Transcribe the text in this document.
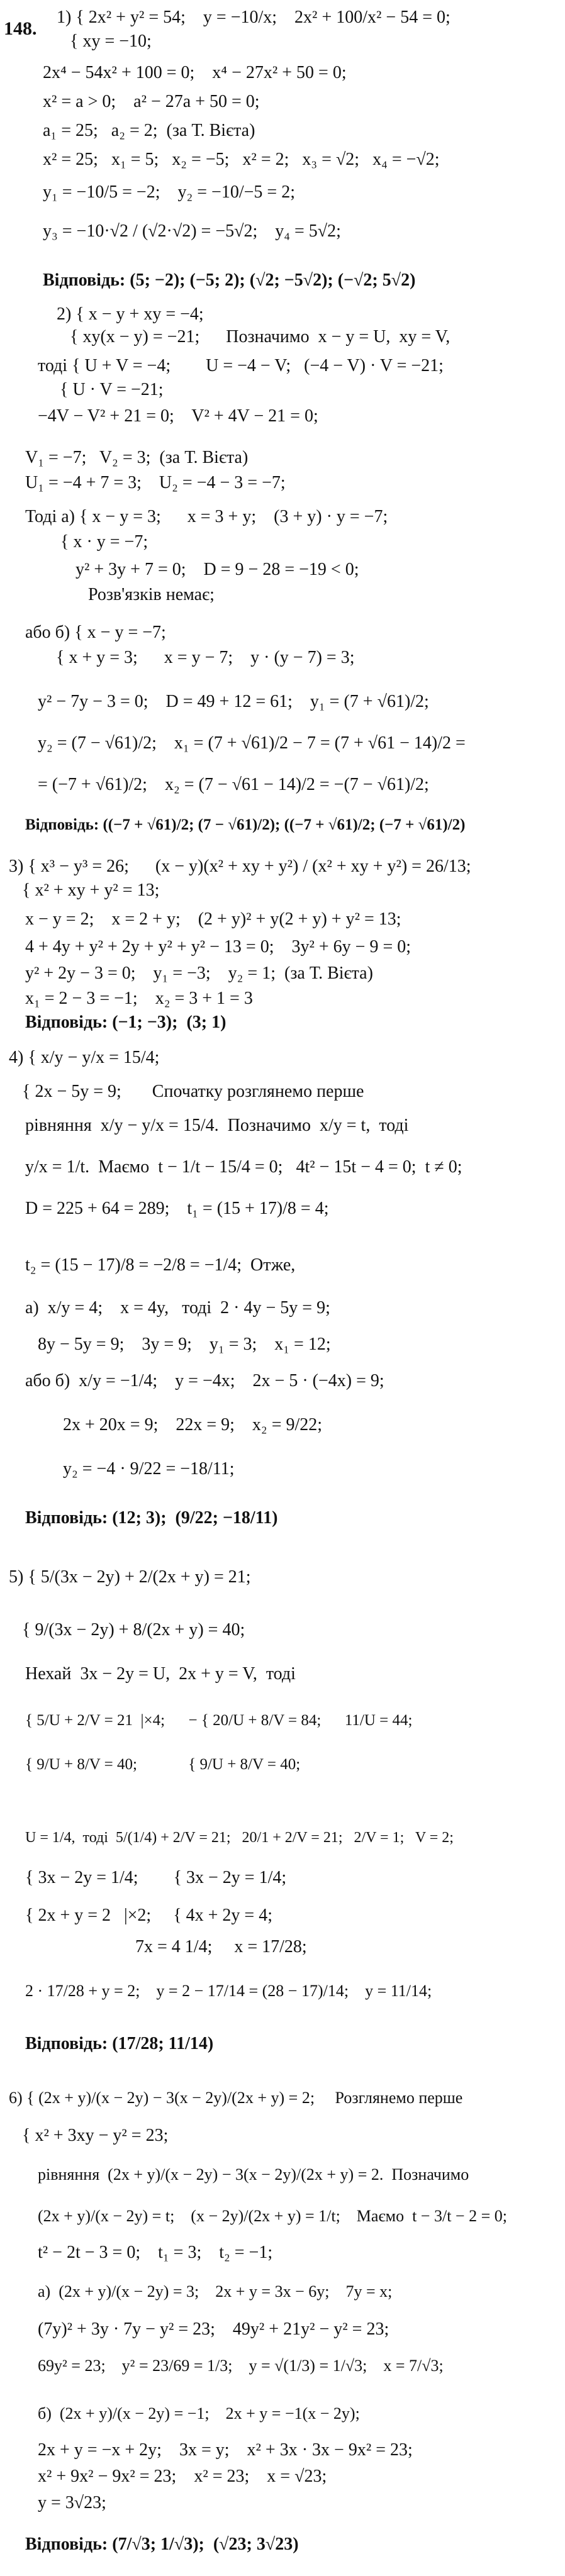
148.
1) { 2x² + y² = 54;    y = −10/x;    2x² + 100/x² − 54 = 0;
{ xy = −10;
2x⁴ − 54x² + 100 = 0;    x⁴ − 27x² + 50 = 0;
x² = a > 0;    a² − 27a + 50 = 0;
a₁ = 25;   a₂ = 2;  (за Т. Вієта)
x² = 25;   x₁ = 5;   x₂ = −5;   x² = 2;   x₃ = √2;   x₄ = −√2;
y₁ = −10/5 = −2;    y₂ = −10/−5 = 2;
y₃ = −10·√2 / (√2·√2) = −5√2;    y₄ = 5√2;
Відповідь: (5; −2); (−5; 2); (√2; −5√2); (−√2; 5√2)
2) { x − y + xy = −4;
{ xy(x − y) = −21;      Позначимо  x − y = U,  xy = V,
тоді { U + V = −4;        U = −4 − V;   (−4 − V) · V = −21;
{ U · V = −21;
−4V − V² + 21 = 0;    V² + 4V − 21 = 0;
V₁ = −7;   V₂ = 3;  (за Т. Вієта)
U₁ = −4 + 7 = 3;    U₂ = −4 − 3 = −7;
Тоді а) { x − y = 3;      x = 3 + y;    (3 + y) · y = −7;
{ x · y = −7;
y² + 3y + 7 = 0;    D = 9 − 28 = −19 < 0;
Розв'язків немає;
або б) { x − y = −7;
{ x + y = 3;      x = y − 7;    y · (y − 7) = 3;
y² − 7y − 3 = 0;    D = 49 + 12 = 61;    y₁ = (7 + √61)/2;
y₂ = (7 − √61)/2;    x₁ = (7 + √61)/2 − 7 = (7 + √61 − 14)/2 =
= (−7 + √61)/2;    x₂ = (7 − √61 − 14)/2 = −(7 − √61)/2;
Відповідь: ((−7 + √61)/2; (7 − √61)/2); ((−7 + √61)/2; (−7 + √61)/2)
3) { x³ − y³ = 26;      (x − y)(x² + xy + y²) / (x² + xy + y²) = 26/13;
{ x² + xy + y² = 13;
x − y = 2;    x = 2 + y;    (2 + y)² + y(2 + y) + y² = 13;
4 + 4y + y² + 2y + y² + y² − 13 = 0;    3y² + 6y − 9 = 0;
y² + 2y − 3 = 0;    y₁ = −3;    y₂ = 1;  (за Т. Вієта)
x₁ = 2 − 3 = −1;    x₂ = 3 + 1 = 3
Відповідь: (−1; −3);  (3; 1)
4) { x/y − y/x = 15/4;
{ 2x − 5y = 9;       Спочатку розглянемо перше
рівняння  x/y − y/x = 15/4.  Позначимо  x/y = t,  тоді
y/x = 1/t.  Маємо  t − 1/t − 15/4 = 0;   4t² − 15t − 4 = 0;  t ≠ 0;
D = 225 + 64 = 289;    t₁ = (15 + 17)/8 = 4;
t₂ = (15 − 17)/8 = −2/8 = −1/4;  Отже,
а)  x/y = 4;    x = 4y,   тоді  2 · 4y − 5y = 9;
8y − 5y = 9;    3y = 9;    y₁ = 3;    x₁ = 12;
або б)  x/y = −1/4;    y = −4x;    2x − 5 · (−4x) = 9;
2x + 20x = 9;    22x = 9;    x₂ = 9/22;
y₂ = −4 · 9/22 = −18/11;
Відповідь: (12; 3);  (9/22; −18/11)
5) { 5/(3x − 2y) + 2/(2x + y) = 21;
{ 9/(3x − 2y) + 8/(2x + y) = 40;
Нехай  3x − 2y = U,  2x + y = V,  тоді
{ 5/U + 2/V = 21  |×4;      − { 20/U + 8/V = 84;      11/U = 44;
{ 9/U + 8/V = 40;             { 9/U + 8/V = 40;
U = 1/4,  тоді  5/(1/4) + 2/V = 21;   20/1 + 2/V = 21;   2/V = 1;   V = 2;
{ 3x − 2y = 1/4;        { 3x − 2y = 1/4;
{ 2x + y = 2   |×2;     { 4x + 2y = 4;
7x = 4 1/4;     x = 17/28;
2 · 17/28 + y = 2;    y = 2 − 17/14 = (28 − 17)/14;    y = 11/14;
Відповідь: (17/28; 11/14)
6) { (2x + y)/(x − 2y) − 3(x − 2y)/(2x + y) = 2;     Розглянемо перше
{ x² + 3xy − y² = 23;
рівняння  (2x + y)/(x − 2y) − 3(x − 2y)/(2x + y) = 2.  Позначимо
(2x + y)/(x − 2y) = t;    (x − 2y)/(2x + y) = 1/t;    Маємо  t − 3/t − 2 = 0;
t² − 2t − 3 = 0;    t₁ = 3;    t₂ = −1;
а)  (2x + y)/(x − 2y) = 3;    2x + y = 3x − 6y;    7y = x;
(7y)² + 3y · 7y − y² = 23;    49y² + 21y² − y² = 23;
69y² = 23;    y² = 23/69 = 1/3;    y = √(1/3) = 1/√3;    x = 7/√3;
б)  (2x + y)/(x − 2y) = −1;    2x + y = −1(x − 2y);
2x + y = −x + 2y;    3x = y;    x² + 3x · 3x − 9x² = 23;
x² + 9x² − 9x² = 23;    x² = 23;    x = √23;
y = 3√23;
Відповідь: (7/√3; 1/√3);  (√23; 3√23)
